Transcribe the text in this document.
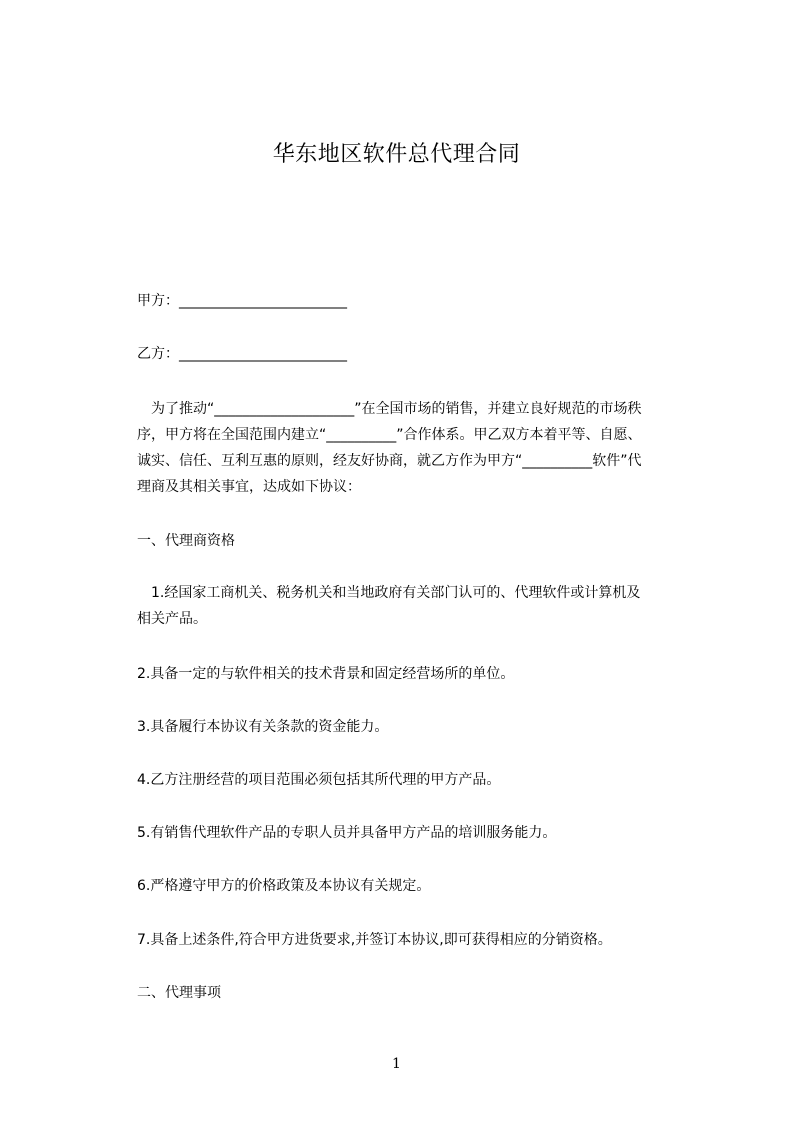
华东地区软件总代理合同
甲方：________________________
乙方：________________________
　为了推动“____________________”在全国市场的销售，并建立良好规范的市场秩
序，甲方将在全国范围内建立“__________”合作体系。甲乙双方本着平等、自愿、
诚实、信任、互利互惠的原则，经友好协商，就乙方作为甲方“__________软件”代
理商及其相关事宜，达成如下协议：
一、代理商资格
　1.经国家工商机关、税务机关和当地政府有关部门认可的、代理软件或计算机及
相关产品。
2.具备一定的与软件相关的技术背景和固定经营场所的单位。
3.具备履行本协议有关条款的资金能力。
4.乙方注册经营的项目范围必须包括其所代理的甲方产品。
5.有销售代理软件产品的专职人员并具备甲方产品的培训服务能力。
6.严格遵守甲方的价格政策及本协议有关规定。
7.具备上述条件,符合甲方进货要求,并签订本协议,即可获得相应的分销资格。
二、代理事项
1
